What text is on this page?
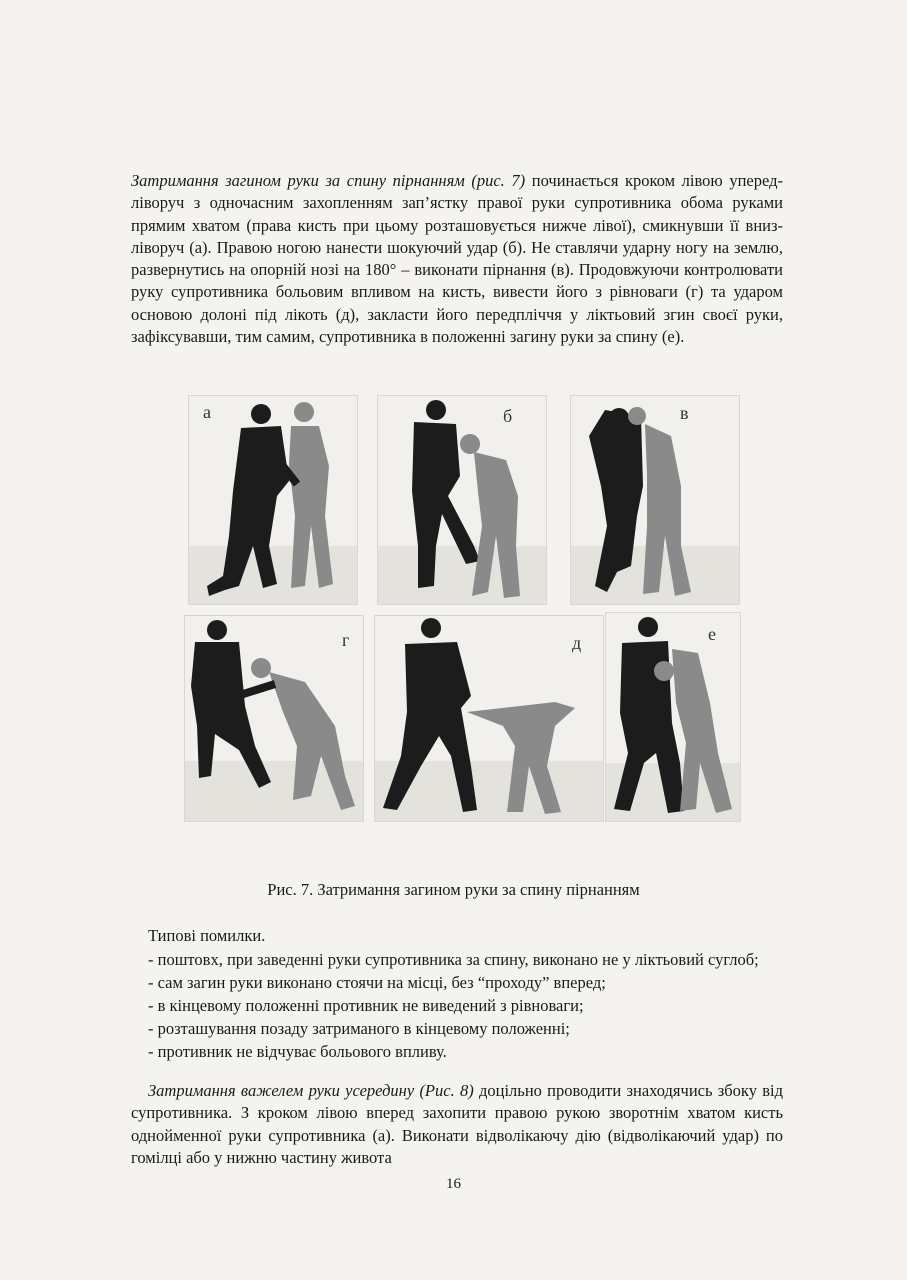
Затримання загином руки за спину пірнанням (рис. 7) починається кроком лівою уперед-ліворуч з одночасним захопленням зап’ястку правої руки супротивника обома руками прямим хватом (права кисть при цьому розташовується нижче лівої), смикнувши її вниз-ліворуч (а). Правою ногою нанести шокуючий удар (б). Не ставлячи ударну ногу на землю, развернутись на опорній нозі на 180° – виконати пірнання (в). Продовжуючи контролювати руку супротивника больовим впливом на кисть, вивести його з рівноваги (г) та ударом основою долоні під лікоть (д), закласти його передпліччя у ліктьовий згин своєї руки, зафіксувавши, тим самим, супротивника в положенні загину руки за спину (е).
а	б	в
г	д	е
Рис. 7. Затримання загином руки за спину пірнанням
Типові помилки.
- поштовх, при заведенні руки супротивника за спину, виконано не у ліктьовий суглоб;
- сам загин руки виконано стоячи на місці, без “проходу” вперед;
- в кінцевому положенні противник не виведений з рівноваги;
- розташування позаду затриманого в кінцевому положенні;
- противник не відчуває больового впливу.
Затримання важелем руки усередину (Рис. 8) доцільно проводити знаходячись збоку від супротивника. З кроком лівою вперед захопити правою рукою зворотнім хватом кисть однойменної руки супротивника (а). Виконати відволікаючу дію (відволікаючий удар) по гомілці або у нижню частину живота
16
